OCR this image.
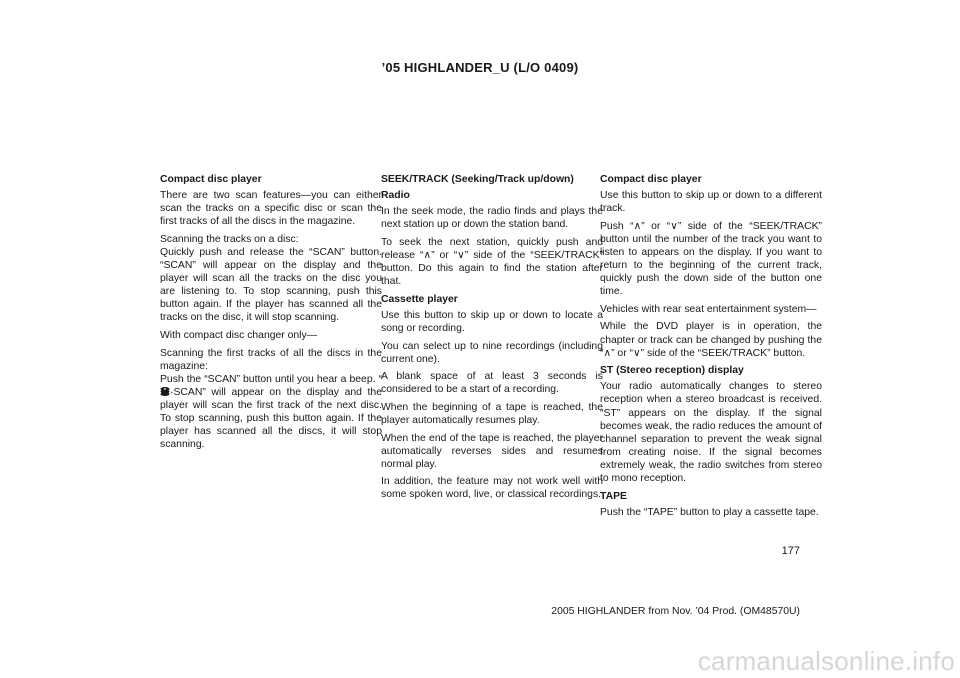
’05 HIGHLANDER_U (L/O 0409)

Compact disc player

There are two scan features—you can either scan the tracks on a specific disc or scan the first tracks of all the discs in the magazine.

Scanning the tracks on a disc:
Quickly push and release the “SCAN” button. “SCAN” will appear on the display and the player will scan all the tracks on the disc you are listening to. To stop scanning, push this button again. If the player has scanned all the tracks on the disc, it will stop scanning.

With compact disc changer only—

Scanning the first tracks of all the discs in the magazine:
Push the “SCAN” button until you hear a beep. “·SCAN” will appear on the display and the player will scan the first track of the next disc. To stop scanning, push this button again. If the player has scanned all the discs, it will stop scanning.

SEEK/TRACK (Seeking/Track up/down)

Radio

In the seek mode, the radio finds and plays the next station up or down the station band.

To seek the next station, quickly push and release “∧” or “∨” side of the “SEEK/TRACK” button. Do this again to find the station after that.

Cassette player

Use this button to skip up or down to locate a song or recording.

You can select up to nine recordings (including current one).

A blank space of at least 3 seconds is considered to be a start of a recording.

When the beginning of a tape is reached, the player automatically resumes play.

When the end of the tape is reached, the player automatically reverses sides and resumes normal play.

In addition, the feature may not work well with some spoken word, live, or classical recordings.

Compact disc player

Use this button to skip up or down to a different track.

Push “∧” or “∨” side of the “SEEK/TRACK” button until the number of the track you want to listen to appears on the display. If you want to return to the beginning of the current track, quickly push the down side of the button one time.

Vehicles with rear seat entertainment system—

While the DVD player is in operation, the chapter or track can be changed by pushing the “∧” or “∨” side of the “SEEK/TRACK” button.

ST (Stereo reception) display

Your radio automatically changes to stereo reception when a stereo broadcast is received. “ST” appears on the display. If the signal becomes weak, the radio reduces the amount of channel separation to prevent the weak signal from creating noise. If the signal becomes extremely weak, the radio switches from stereo to mono reception.

TAPE

Push the “TAPE” button to play a cassette tape.

177
2005 HIGHLANDER from Nov. ’04 Prod. (OM48570U)
carmanualsonline.info
